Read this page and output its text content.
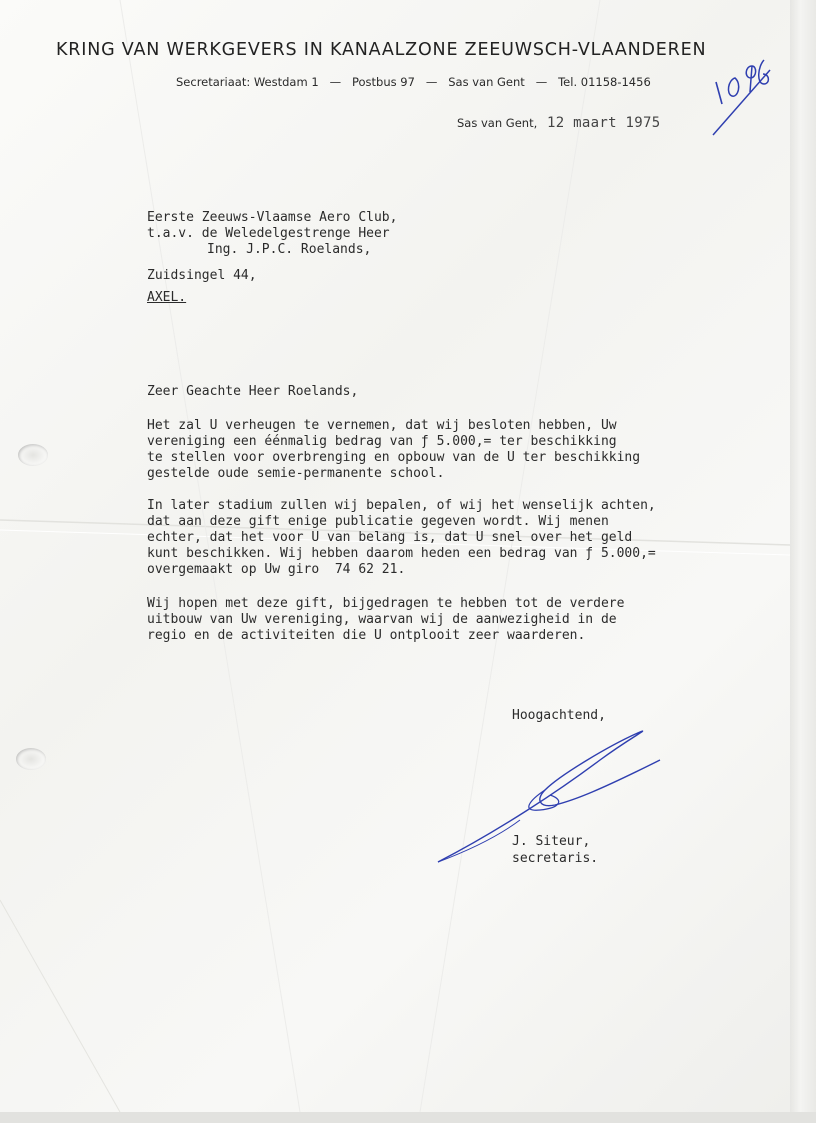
KRING VAN WERKGEVERS IN KANAALZONE ZEEUWSCH-VLAANDEREN
Secretariaat: Westdam 1 — Postbus 97 — Sas van Gent — Tel. 01158-1456
Sas van Gent, 12 maart 1975
Eerste Zeeuws-Vlaamse Aero Club,
t.a.v. de Weledelgestrenge Heer
Ing. J.P.C. Roelands,
Zuidsingel 44,
AXEL.
Zeer Geachte Heer Roelands,
Het zal U verheugen te vernemen, dat wij besloten hebben, Uw
vereniging een éénmalig bedrag van ƒ 5.000,= ter beschikking
te stellen voor overbrenging en opbouw van de U ter beschikking
gestelde oude semie-permanente school.
In later stadium zullen wij bepalen, of wij het wenselijk achten,
dat aan deze gift enige publicatie gegeven wordt. Wij menen
echter, dat het voor U van belang is, dat U snel over het geld
kunt beschikken. Wij hebben daarom heden een bedrag van ƒ 5.000,=
overgemaakt op Uw giro  74 62 21.
Wij hopen met deze gift, bijgedragen te hebben tot de verdere
uitbouw van Uw vereniging, waarvan wij de aanwezigheid in de
regio en de activiteiten die U ontplooit zeer waarderen.
Hoogachtend,
J. Siteur,
secretaris.
